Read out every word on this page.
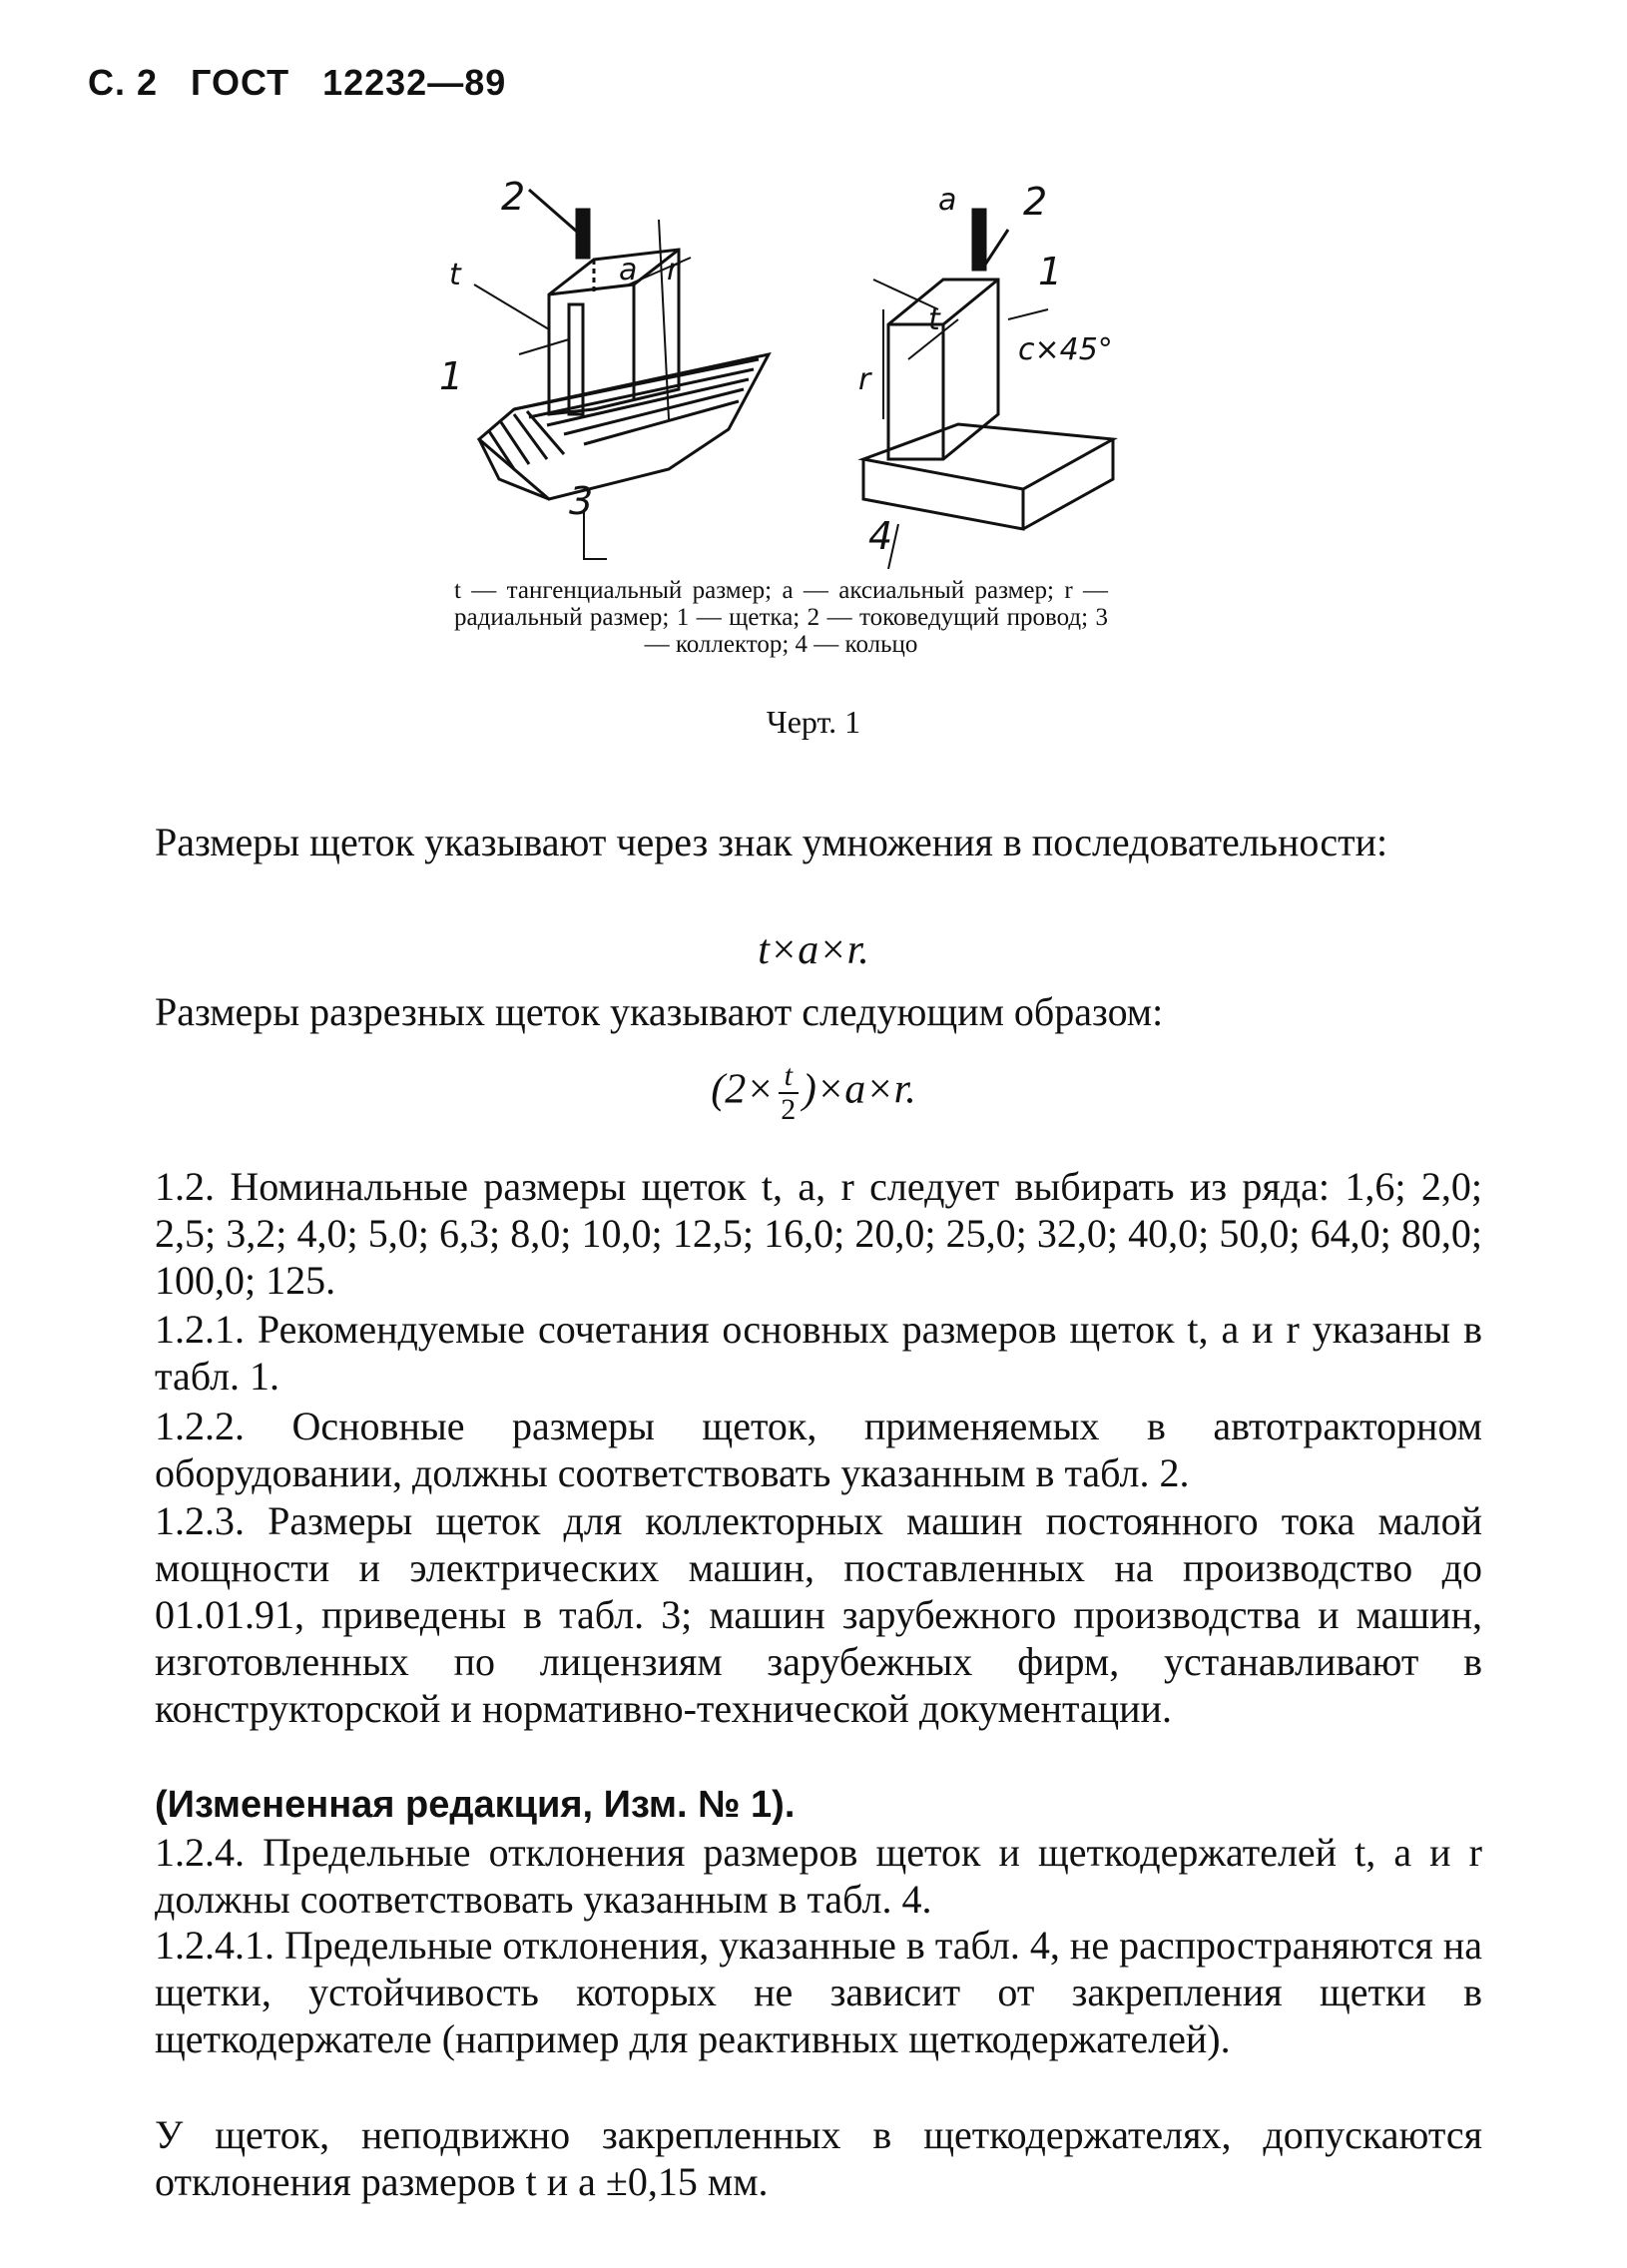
С. 2 ГОСТ 12232—89
2
1
3
2
1
4
t	a r
a
r
t
c×45°
t — тангенциальный размер; a — аксиальный размер; r — радиальный размер; 1 — щетка; 2 — токоведущий провод; 3 — коллектор; 4 — кольцо
Черт. 1

Размеры щеток указывают через знак умножения в последовательности:

t×a×r.

Размеры разрезных щеток указывают следующим образом:

$(2\times \frac{t}{2} )\times a\times r$.

1.2. Номинальные размеры щеток t, a, r следует выбирать из ряда: 1,6; 2,0; 2,5; 3,2; 4,0; 5,0; 6,3; 8,0; 10,0; 12,5; 16,0; 20,0; 25,0; 32,0; 40,0; 50,0; 64,0; 80,0; 100,0; 125.

1.2.1. Рекомендуемые сочетания основных размеров щеток t, a и r указаны в табл. 1.

1.2.2. Основные размеры щеток, применяемых в автотракторном оборудовании, должны соответствовать указанным в табл. 2.

1.2.3. Размеры щеток для коллекторных машин постоянного тока малой мощности и электрических машин, поставленных на производство до 01.01.91, приведены в табл. 3; машин зарубежного производства и машин, изготовленных по лицензиям зарубежных фирм, устанавливают в конструкторской и нормативно-технической документации.

(Измененная редакция, Изм. № 1).

1.2.4. Предельные отклонения размеров щеток и щеткодержателей t, a и r должны соответствовать указанным в табл. 4.

1.2.4.1. Предельные отклонения, указанные в табл. 4, не распространяются на щетки, устойчивость которых не зависит от закрепления щетки в щеткодержателе (например для реактивных щеткодержателей).

У щеток, неподвижно закрепленных в щеткодержателях, допускаются отклонения размеров t и a ±0,15 мм.
